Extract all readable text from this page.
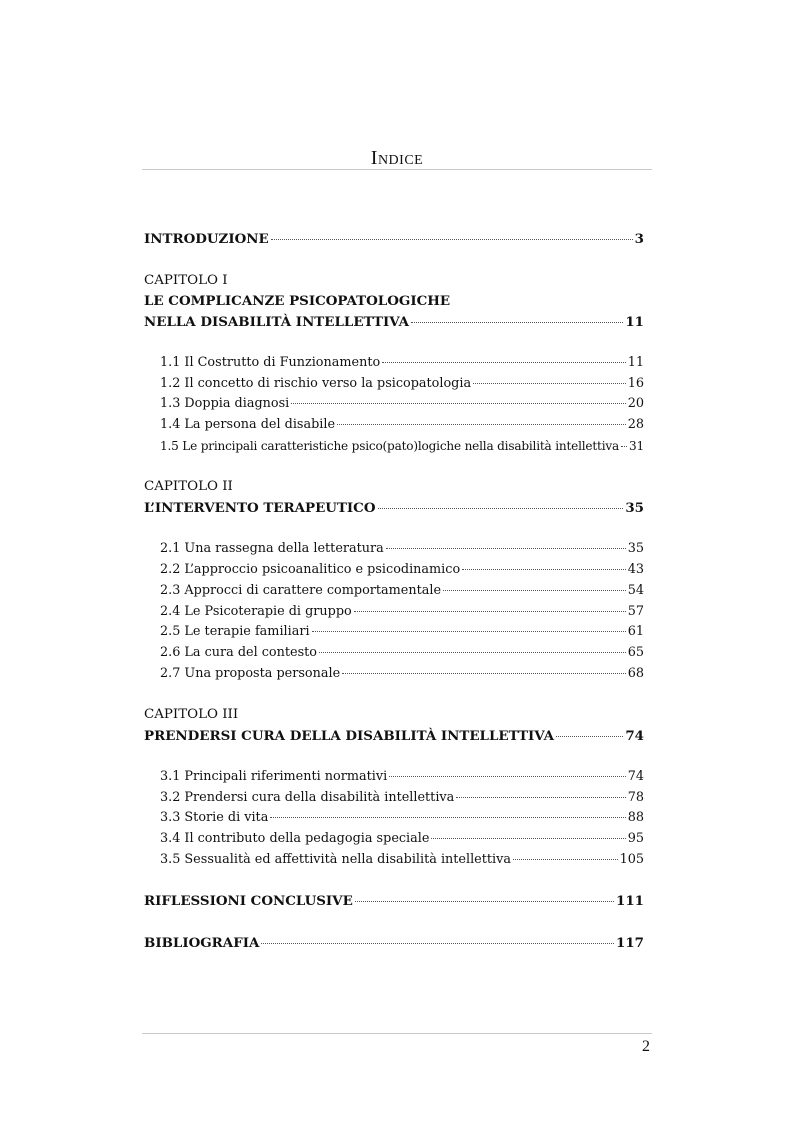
Indice
INTRODUZIONE	3
CAPITOLO I
LE COMPLICANZE PSICOPATOLOGICHE
NELLA DISABILITÀ INTELLETTIVA	11
1.1 Il Costrutto di Funzionamento	11
1.2 Il concetto di rischio verso la psicopatologia	16
1.3 Doppia diagnosi	20
1.4 La persona del disabile	28
1.5 Le principali caratteristiche psico(pato)logiche nella disabilità intellettiva 31
CAPITOLO II
L’INTERVENTO TERAPEUTICO	35
2.1 Una rassegna della letteratura	35
2.2 L’approccio psicoanalitico e psicodinamico	43
2.3 Approcci di carattere comportamentale	54
2.4 Le Psicoterapie di gruppo	57
2.5 Le terapie familiari	61
2.6 La cura del contesto	65
2.7 Una proposta personale	68
CAPITOLO III
PRENDERSI CURA DELLA DISABILITÀ INTELLETTIVA	74
3.1 Principali riferimenti normativi	74
3.2 Prendersi cura della disabilità intellettiva	78
3.3 Storie di vita	88
3.4 Il contributo della pedagogia speciale	95
3.5 Sessualità ed affettività nella disabilità intellettiva	105
RIFLESSIONI CONCLUSIVE	111
BIBLIOGRAFIA	117
2
